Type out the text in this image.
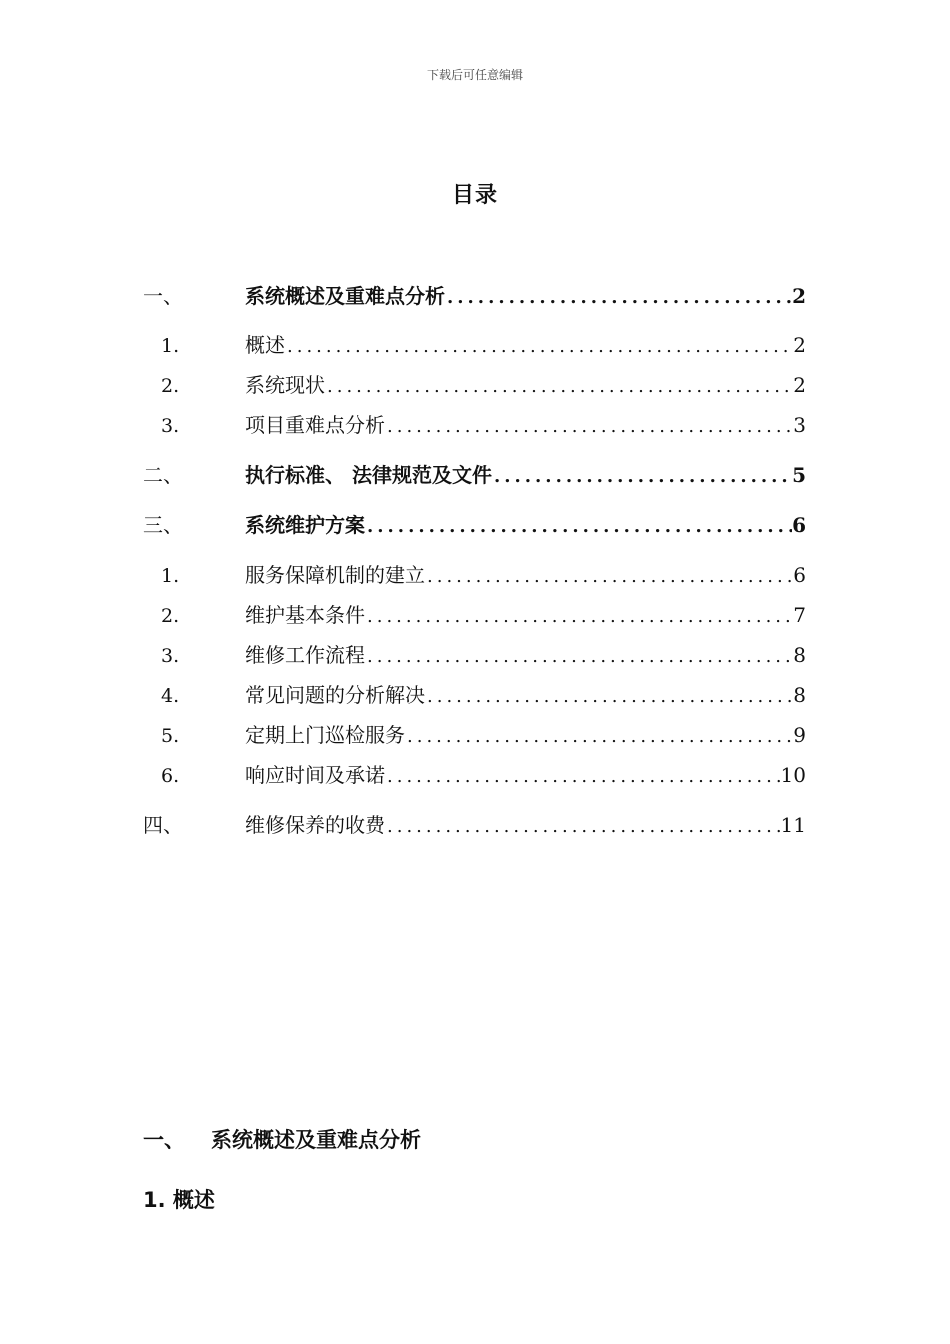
下载后可任意编辑
目录
一、	系统概述及重难点分析 .....	2
1.	概述 .....	2
2.	系统现状 .....	2
3.	项目重难点分析 .....	3
二、	执行标准、 法律规范及文件 .....	5
三、	系统维护方案 .....	6
1.	服务保障机制的建立 .....	6
2.	维护基本条件 .....	7
3.	维修工作流程 .....	8
4.	常见问题的分析解决 .....	8
5.	定期上门巡检服务 .....	9
6.	响应时间及承诺 .....	10
四、	维修保养的收费 .....	11
一、 系统概述及重难点分析
1. 概述
